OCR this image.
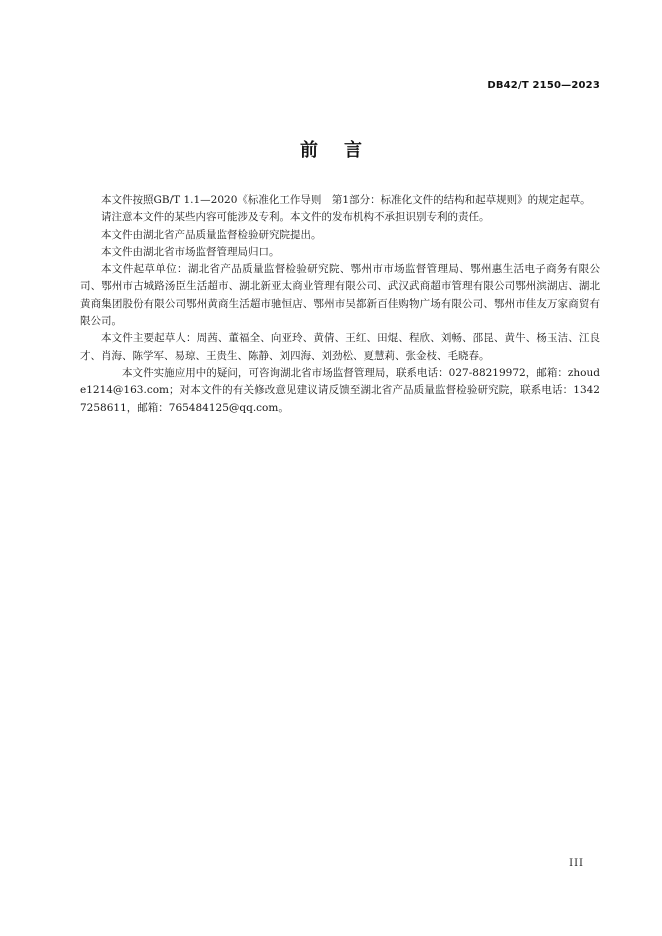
DB42/T 2150—2023
前言

本文件按照GB/T 1.1—2020《标准化工作导则　第1部分：标准化文件的结构和起草规则》的规定起草。

请注意本文件的某些内容可能涉及专利。本文件的发布机构不承担识别专利的责任。

本文件由湖北省产品质量监督检验研究院提出。

本文件由湖北省市场监督管理局归口。

本文件起草单位：湖北省产品质量监督检验研究院、鄂州市市场监督管理局、鄂州惠生活电子商务有限公司、鄂州市古城路汤臣生活超市、湖北新亚太商业管理有限公司、武汉武商超市管理有限公司鄂州滨湖店、湖北黄商集团股份有限公司鄂州黄商生活超市驰恒店、鄂州市吴都新百佳购物广场有限公司、鄂州市佳友万家商贸有限公司。

本文件主要起草人：周茜、董福全、向亚玲、黄倩、王红、田焜、程欣、刘畅、邵昆、黄牛、杨玉洁、江良才、肖海、陈学军、易琼、王贵生、陈静、刘四海、刘劲松、夏慧莉、张金枝、毛晓春。

本文件实施应用中的疑问，可咨询湖北省市场监督管理局，联系电话：027-88219972，邮箱：zhoude1214@163.com；对本文件的有关修改意见建议请反馈至湖北省产品质量监督检验研究院，联系电话：13427258611，邮箱：765484125@qq.com。

III
